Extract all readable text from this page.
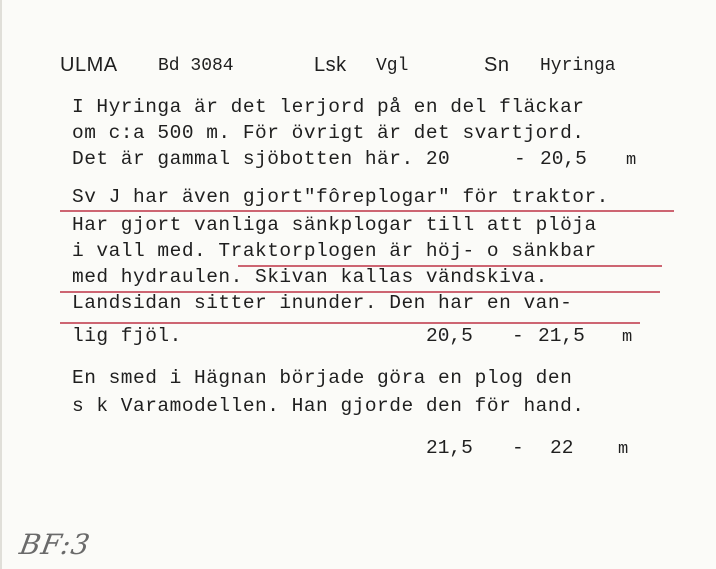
ULMA Bd 3084	Lsk Vgl	Sn Hyringa
I Hyringa är det lerjord på en del fläckar
om c:a 500 m. För övrigt är det svartjord.
Det är gammal sjöbotten här. 20	- 20,5 m
Sv J har även gjort"fôreplogar" för traktor.
Har gjort vanliga sänkplogar till att plöja
i vall med. Traktorplogen är höj- o sänkbar
med hydraulen. Skivan kallas vändskiva.
Landsidan sitter inunder. Den har en van-
lig fjöl.	20,5 - 21,5 m
En smed i Hägnan började göra en plog den
s k Varamodellen. Han gjorde den för hand.
21,5 - 22	m
BF:3
